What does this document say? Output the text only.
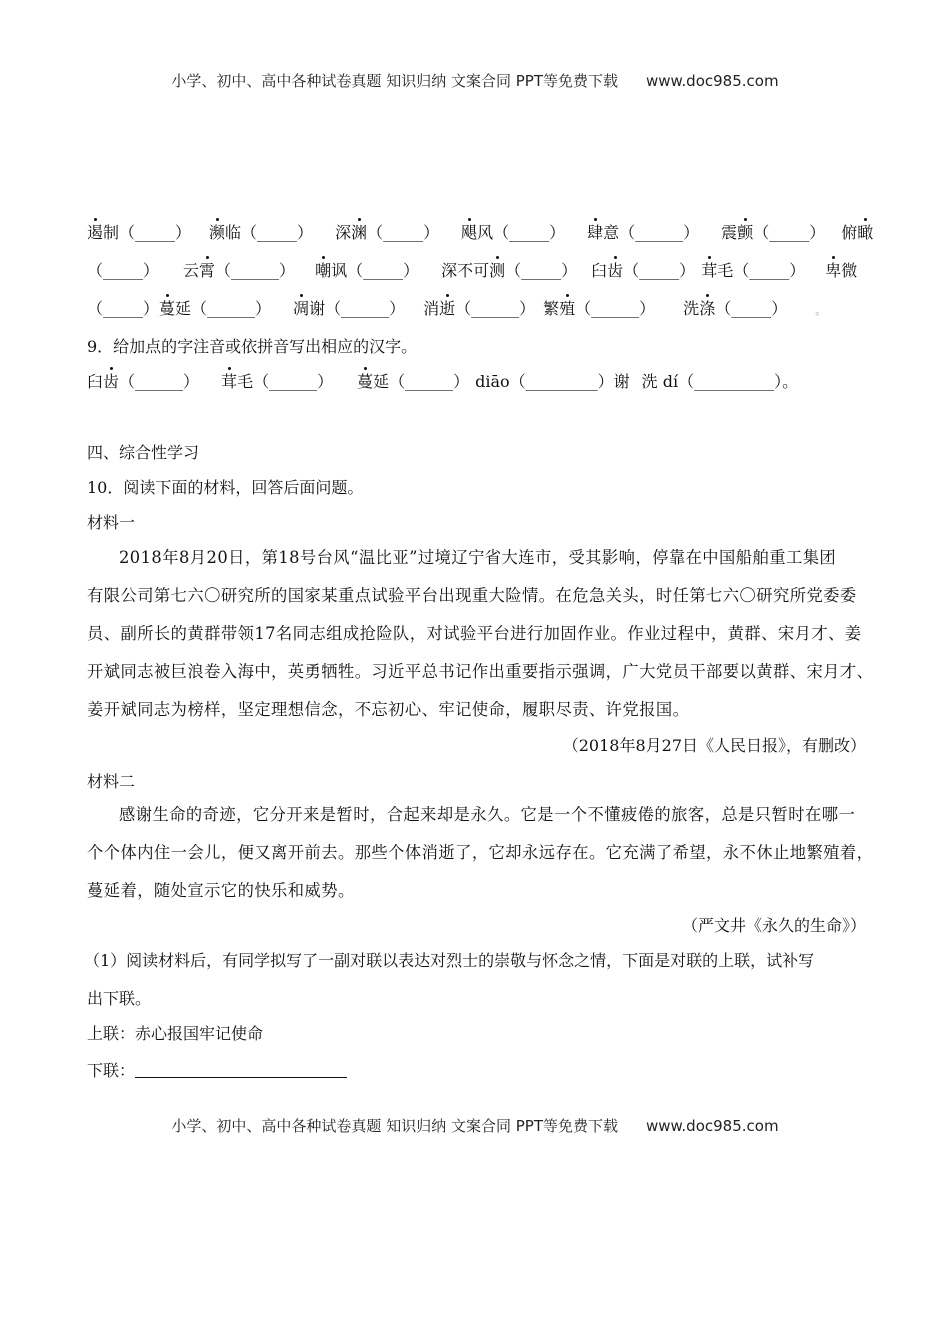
小学、初中、高中各种试卷真题 知识归纳 文案合同 PPT等免费下载 www.doc985.com
遏制（_____） 濒临（_____） 深渊（_____） 飓风（_____） 肆意（______） 震颤（_____） 俯瞰
（_____） 云霄（______） 嘲讽（_____） 深不可测（_____） 臼齿（_____） 茸毛（_____） 卑微
（_____）蔓延（______） 凋谢（______） 消逝（______） 繁殖（______） 洗涤（_____）	。
9．给加点的字注音或依拼音写出相应的汉字。
臼齿（______） 茸毛（______） 蔓延（______） diāo（_________）谢 洗 dí（__________）。
四、综合性学习
10．阅读下面的材料，回答后面问题。
材料一
2018年8月20日，第18号台风“温比亚”过境辽宁省大连市，受其影响，停靠在中国船舶重工集团
有限公司第七六〇研究所的国家某重点试验平台出现重大险情。在危急关头，时任第七六〇研究所党委委
员、副所长的黄群带领17名同志组成抢险队，对试验平台进行加固作业。作业过程中，黄群、宋月才、姜
开斌同志被巨浪卷入海中，英勇牺牲。习近平总书记作出重要指示强调，广大党员干部要以黄群、宋月才、
姜开斌同志为榜样，坚定理想信念，不忘初心、牢记使命，履职尽责、许党报国。
（2018年8月27日《人民日报》，有删改）
材料二
感谢生命的奇迹，它分开来是暂时，合起来却是永久。它是一个不懂疲倦的旅客，总是只暂时在哪一
个个体内住一会儿，便又离开前去。那些个体消逝了，它却永远存在。它充满了希望，永不休止地繁殖着，
蔓延着，随处宣示它的快乐和威势。
（严文井《永久的生命》）
（1）阅读材料后，有同学拟写了一副对联以表达对烈士的崇敬与怀念之情，下面是对联的上联，试补写
出下联。
上联：赤心报国牢记使命
下联：
小学、初中、高中各种试卷真题 知识归纳 文案合同 PPT等免费下载 www.doc985.com
